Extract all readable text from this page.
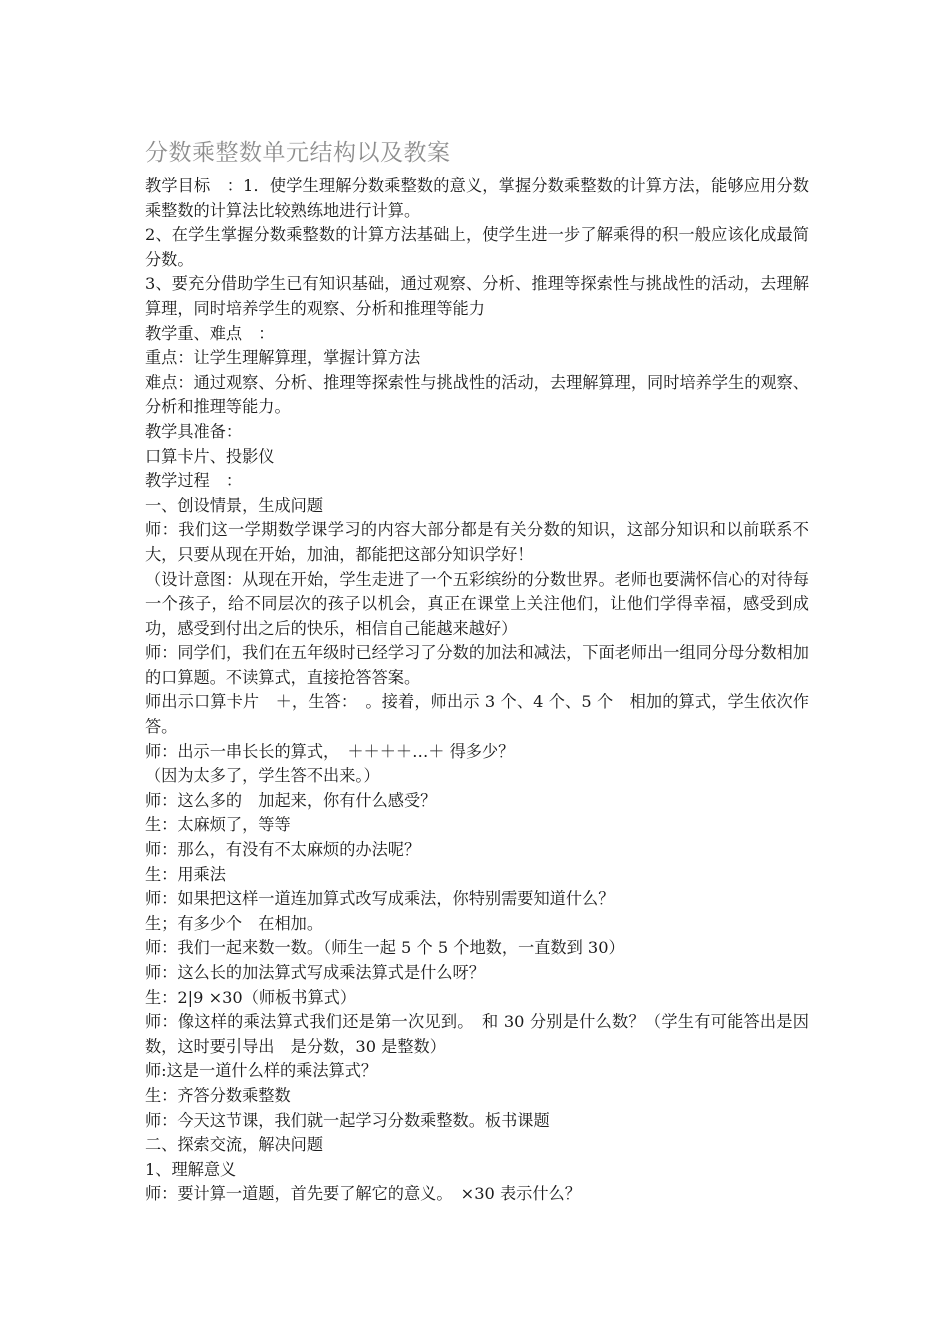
分数乘整数单元结构以及教案

教学目标　：1．使学生理解分数乘整数的意义，掌握分数乘整数的计算方法，能够应用分数乘整数的计算法比较熟练地进行计算。

2、在学生掌握分数乘整数的计算方法基础上，使学生进一步了解乘得的积一般应该化成最简分数。

3、要充分借助学生已有知识基础，通过观察、分析、推理等探索性与挑战性的活动，去理解算理，同时培养学生的观察、分析和推理等能力

教学重、难点　：

重点：让学生理解算理，掌握计算方法

难点：通过观察、分析、推理等探索性与挑战性的活动，去理解算理，同时培养学生的观察、分析和推理等能力。

教学具准备：

口算卡片、投影仪

教学过程　：

一、创设情景，生成问题

师：我们这一学期数学课学习的内容大部分都是有关分数的知识，这部分知识和以前联系不大，只要从现在开始，加油，都能把这部分知识学好！

（设计意图：从现在开始，学生走进了一个五彩缤纷的分数世界。老师也要满怀信心的对待每一个孩子，给不同层次的孩子以机会，真正在课堂上关注他们，让他们学得幸福，感受到成功，感受到付出之后的快乐，相信自己能越来越好）

师：同学们，我们在五年级时已经学习了分数的加法和减法，下面老师出一组同分母分数相加的口算题。不读算式，直接抢答答案。

师出示口算卡片　＋，生答：　。接着，师出示 3 个、4 个、5 个　相加的算式，学生依次作答。

师：出示一串长长的算式，　＋＋＋＋…＋ 得多少？

（因为太多了，学生答不出来。）

师：这么多的　加起来，你有什么感受？

生：太麻烦了，等等

师：那么，有没有不太麻烦的办法呢？

生：用乘法

师：如果把这样一道连加算式改写成乘法，你特别需要知道什么？

生；有多少个　在相加。

师：我们一起来数一数。（师生一起 5 个 5 个地数，一直数到 30）

师：这么长的加法算式写成乘法算式是什么呀？

生：2|9 ×30（师板书算式）

师：像这样的乘法算式我们还是第一次见到。　和 30 分别是什么数？（学生有可能答出是因数，这时要引导出　是分数，30 是整数）

师:这是一道什么样的乘法算式？

生：齐答分数乘整数

师：今天这节课，我们就一起学习分数乘整数。板书课题

二、探索交流，解决问题

1、理解意义

师：要计算一道题，首先要了解它的意义。　×30 表示什么？
